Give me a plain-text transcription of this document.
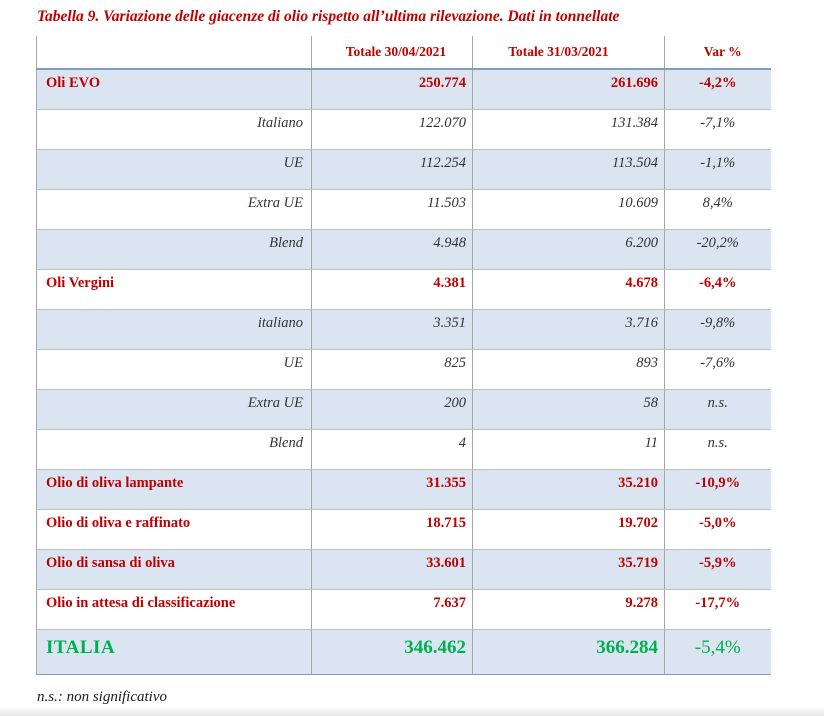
Tabella 9. Variazione delle giacenze di olio rispetto all’ultima rilevazione. Dati in tonnellate
	Totale 30/04/2021	Totale 31/03/2021	Var %
Oli EVO	250.774	261.696	-4,2%
Italiano	122.070	131.384	-7,1%
UE	112.254	113.504	-1,1%
Extra UE	11.503	10.609	8,4%
Blend	4.948	6.200	-20,2%
Oli Vergini	4.381	4.678	-6,4%
italiano	3.351	3.716	-9,8%
UE	825	893	-7,6%
Extra UE	200	58	n.s.
Blend	4	11	n.s.
Olio di oliva lampante	31.355	35.210	-10,9%
Olio di oliva e raffinato	18.715	19.702	-5,0%
Olio di sansa di oliva	33.601	35.719	-5,9%
Olio in attesa di classificazione	7.637	9.278	-17,7%
ITALIA	346.462	366.284	-5,4%
n.s.: non significativo
